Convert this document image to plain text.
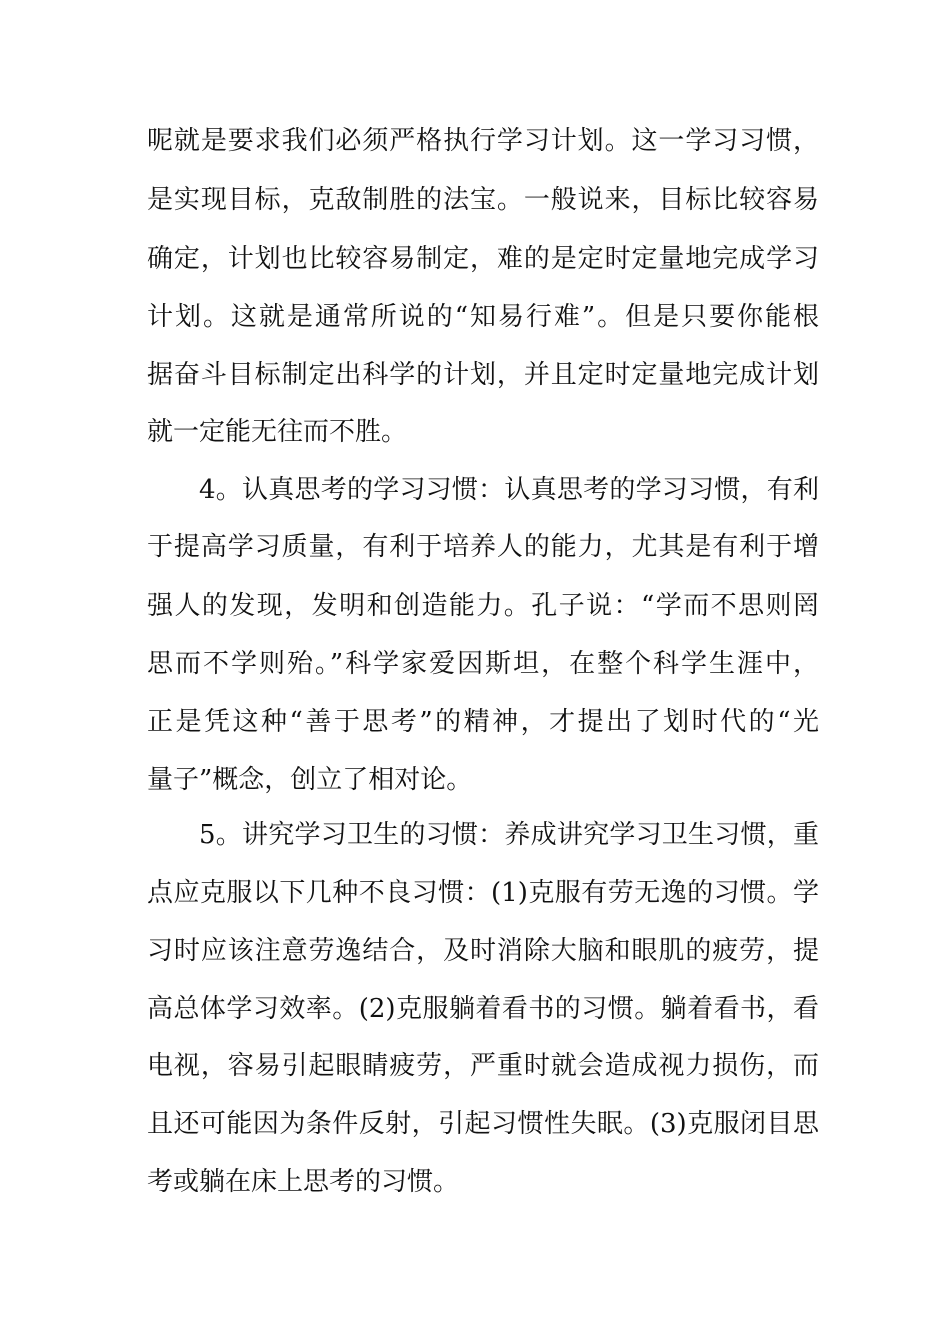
呢就是要求我们必须严格执行学习计划。这一学习习惯，
是实现目标，克敌制胜的法宝。一般说来，目标比较容易
确定，计划也比较容易制定，难的是定时定量地完成学习
计划。这就是通常所说的“知易行难”。但是只要你能根
据奋斗目标制定出科学的计划，并且定时定量地完成计划
就一定能无往而不胜。
4。认真思考的学习习惯：认真思考的学习习惯，有利
于提高学习质量，有利于培养人的能力，尤其是有利于增
强人的发现，发明和创造能力。孔子说：“学而不思则罔
思而不学则殆。”科学家爱因斯坦，在整个科学生涯中，
正是凭这种“善于思考”的精神，才提出了划时代的“光
量子”概念，创立了相对论。
5。讲究学习卫生的习惯：养成讲究学习卫生习惯，重
点应克服以下几种不良习惯：(1)克服有劳无逸的习惯。学
习时应该注意劳逸结合，及时消除大脑和眼肌的疲劳，提
高总体学习效率。(2)克服躺着看书的习惯。躺着看书，看
电视，容易引起眼睛疲劳，严重时就会造成视力损伤，而
且还可能因为条件反射，引起习惯性失眠。(3)克服闭目思
考或躺在床上思考的习惯。
